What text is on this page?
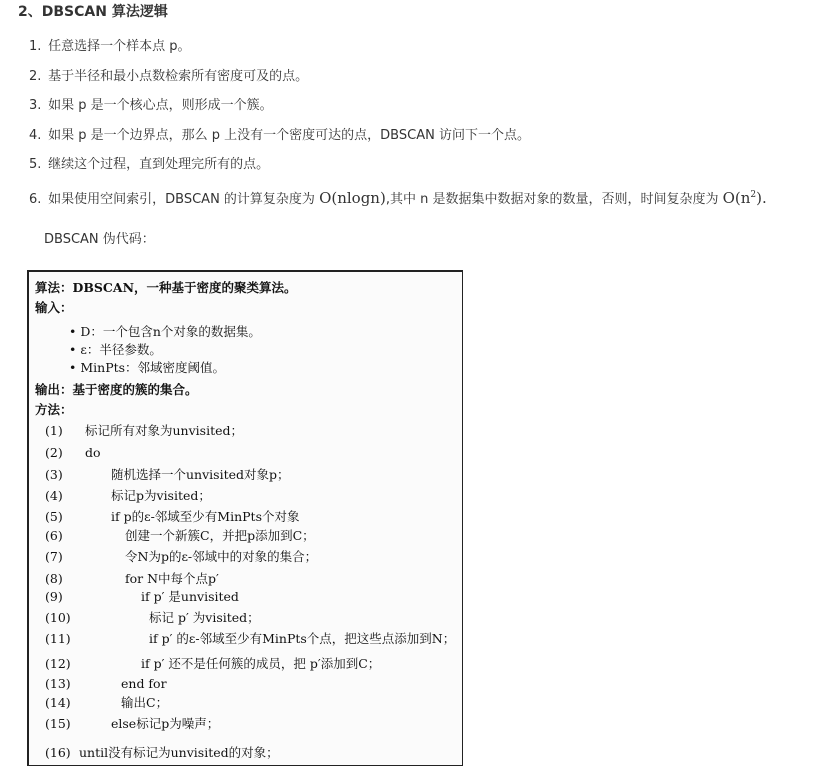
2、DBSCAN 算法逻辑
1. 任意选择一个样本点 p。
2. 基于半径和最小点数检索所有密度可及的点。
3. 如果 p 是一个核心点，则形成一个簇。
4. 如果 p 是一个边界点，那么 p 上没有一个密度可达的点，DBSCAN 访问下一个点。
5. 继续这个过程，直到处理完所有的点。
6. 如果使用空间索引，DBSCAN 的计算复杂度为 O(nlogn),其中 n 是数据集中数据对象的数量，否则，时间复杂度为 $O(n^2)$.

DBSCAN 伪代码：

算法：DBSCAN，一种基于密度的聚类算法。
输入：
• D：一个包含n个对象的数据集。
• ε：半径参数。
• MinPts：邻域密度阈值。
输出：基于密度的簇的集合。
方法：
(1) 标记所有对象为unvisited；
(2) do
(3)	随机选择一个unvisited对象p；
(4)	标记p为visited；
(5)	if p的ε-邻域至少有MinPts个对象
(6)	创建一个新簇C，并把p添加到C；
(7)	令N为p的ε-邻域中的对象的集合；
(8)	for N中每个点p′
(9)	if p′ 是unvisited
(10)	标记 p′ 为visited；
(11)	if p′ 的ε-邻域至少有MinPts个点，把这些点添加到N；
(12)	if p′ 还不是任何簇的成员，把 p′添加到C；
(13)	end for
(14)	输出C；
(15)	else标记p为噪声；
(16) until没有标记为unvisited的对象；
